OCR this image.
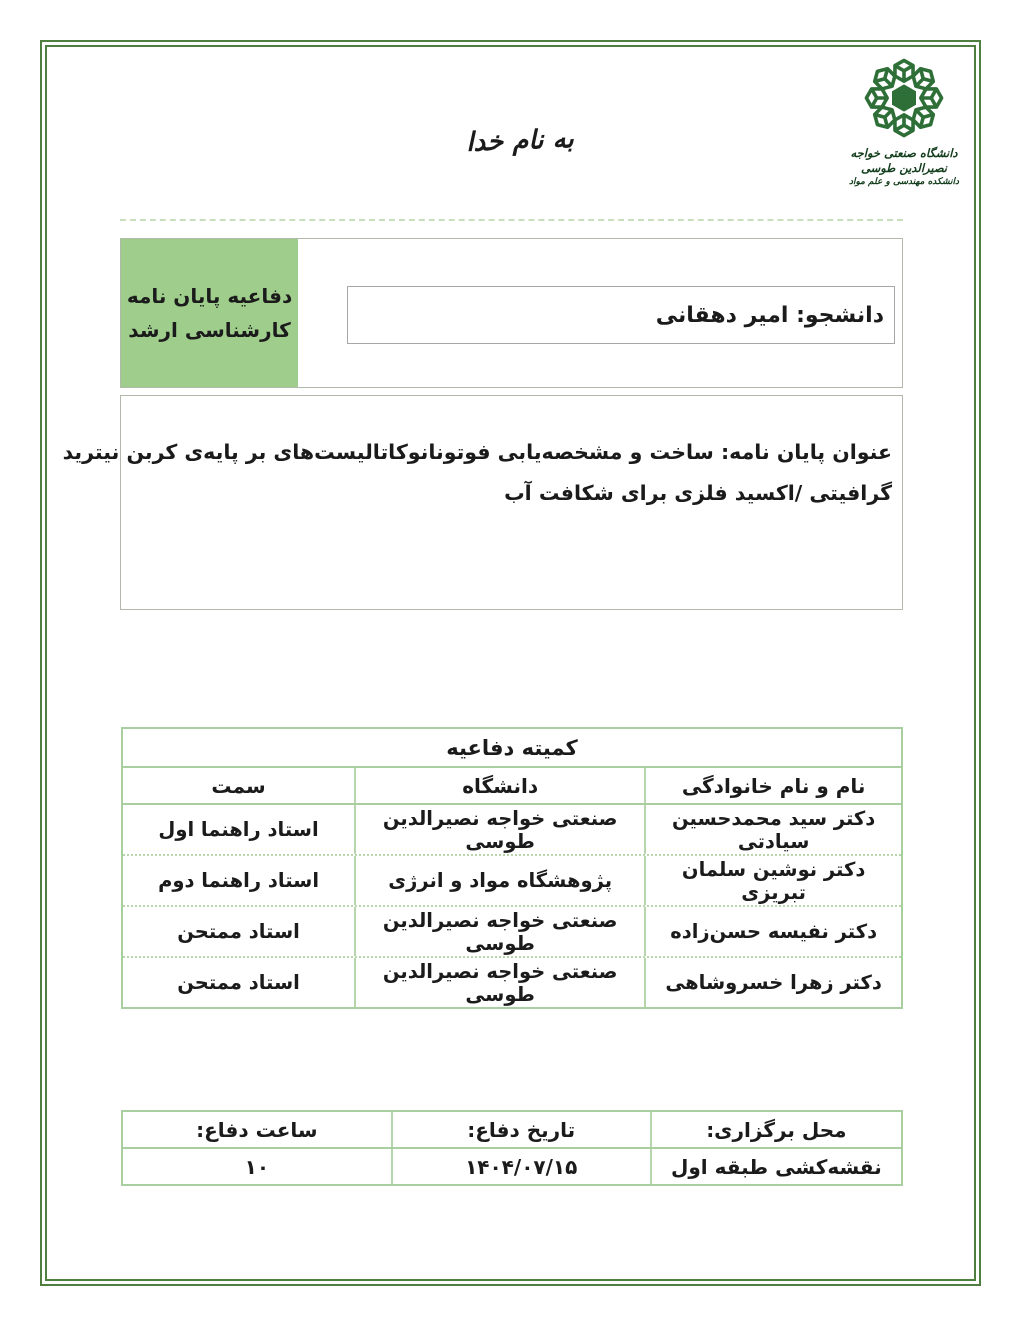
به نام خدا	دانشگاه صنعتی خواجه نصیرالدین طوسی
دانشکده مهندسی و علم مواد
دفاعیه پایان نامه
کارشناسی ارشد
دانشجو: امیر دهقانی
عنوان پایان نامه: ساخت و مشخصه‌یابی فوتونانوکاتالیست‌های بر پایه‌ی کربن نیترید
گرافیتی /اکسید فلزی برای شکافت آب
کمیته دفاعیه
نام و نام خانوادگی
دانشگاه
سمت
دکتر سید محمدحسین سیادتی
صنعتی خواجه نصیرالدین طوسی
استاد راهنما اول
دکتر نوشین سلمان تبریزی
پژوهشگاه مواد و انرژی
استاد راهنما دوم
دکتر نفیسه حسن‌زاده
صنعتی خواجه نصیرالدین طوسی
استاد ممتحن
دکتر زهرا خسروشاهی
صنعتی خواجه نصیرالدین طوسی
استاد ممتحن
محل برگزاری:
تاریخ دفاع:
ساعت دفاع:
نقشه‌کشی طبقه اول
۱۴۰۴/۰۷/۱۵
۱۰
